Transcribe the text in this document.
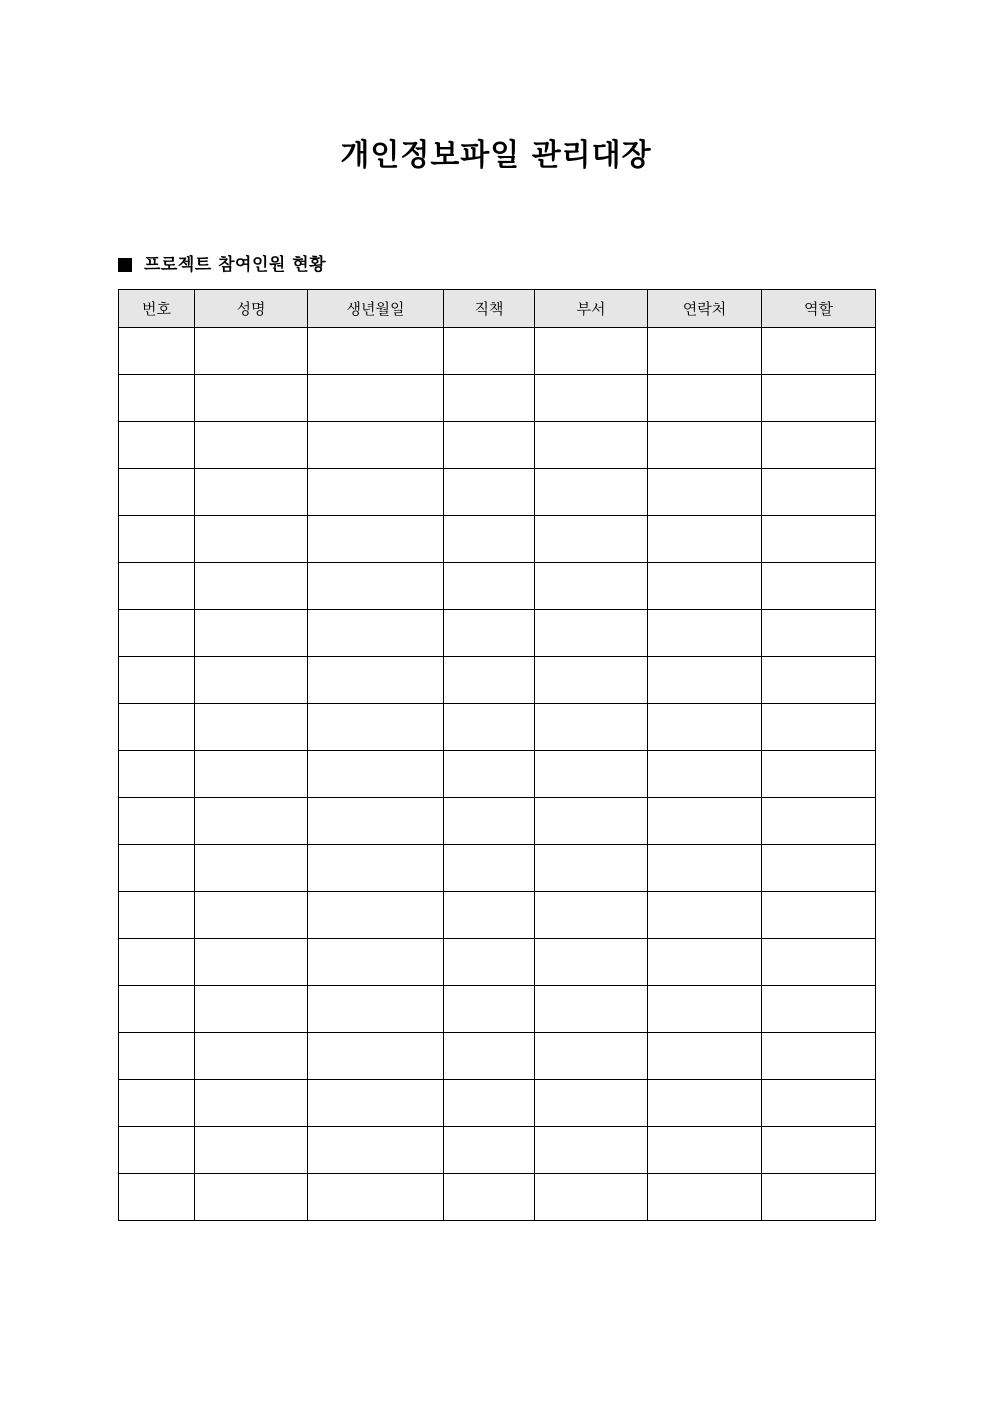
개인정보파일 관리대장
프로젝트 참여인원 현황
번호	성명	생년월일	직책	부서	연락처	역할
